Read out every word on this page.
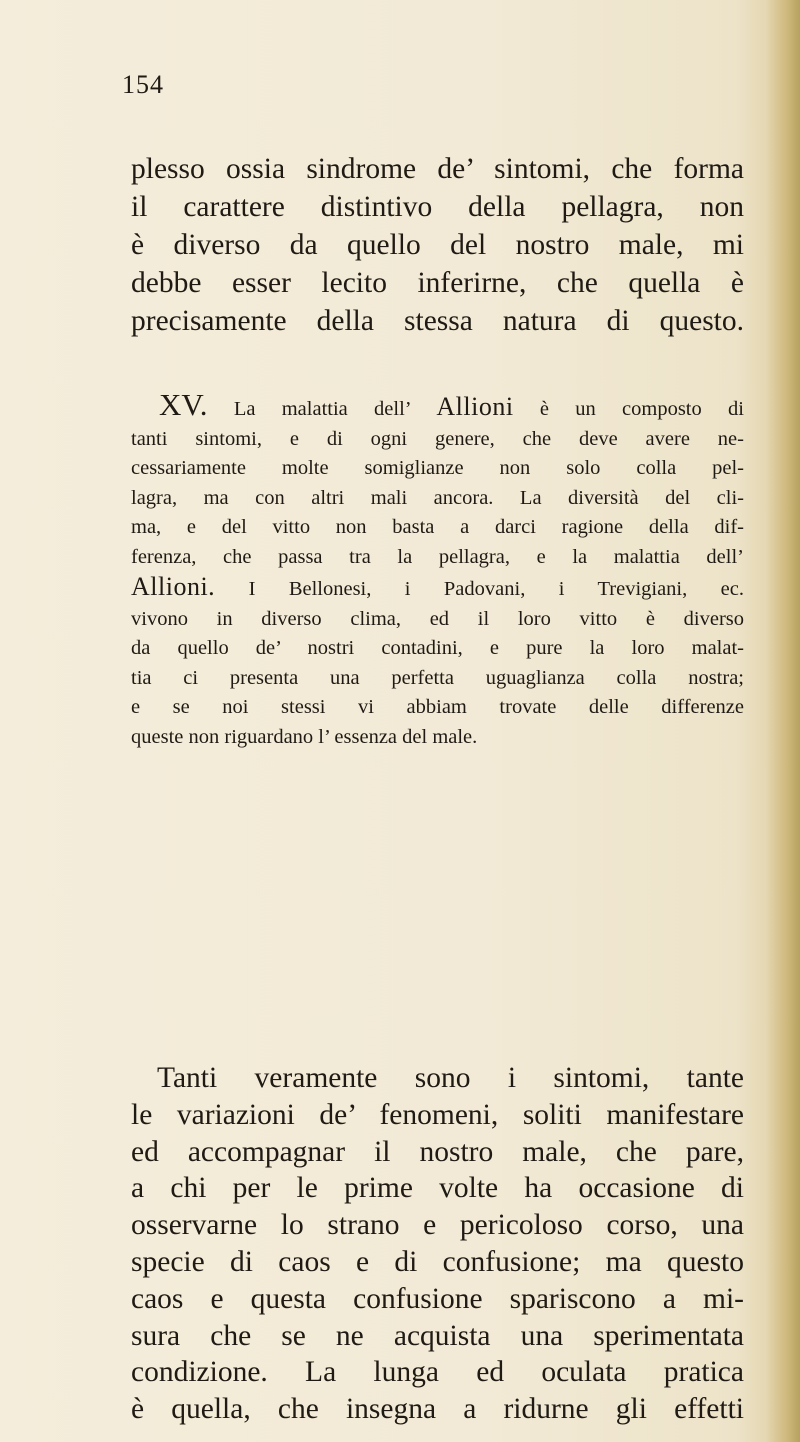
154
plesso ossia sindrome de’ sintomi, che forma
il carattere distintivo della pellagra, non
è diverso da quello del nostro male, mi
debbe esser lecito inferirne, che quella è
precisamente della stessa natura di questo.
XV. La malattia dell’ Allioni è un composto di
tanti sintomi, e di ogni genere, che deve avere ne-
cessariamente molte somiglianze non solo colla pel-
lagra, ma con altri mali ancora. La diversità del cli-
ma, e del vitto non basta a darci ragione della dif-
ferenza, che passa tra la pellagra, e la malattia dell’
Allioni. I Bellonesi, i Padovani, i Trevigiani, ec.
vivono in diverso clima, ed il loro vitto è diverso
da quello de’ nostri contadini, e pure la loro malat-
tia ci presenta una perfetta uguaglianza colla nostra;
e se noi stessi vi abbiam trovate delle differenze
queste non riguardano l’ essenza del male.
Tanti veramente sono i sintomi, tante
le variazioni de’ fenomeni, soliti manifestare
ed accompagnar il nostro male, che pare,
a chi per le prime volte ha occasione di
osservarne lo strano e pericoloso corso, una
specie di caos e di confusione; ma questo
caos e questa confusione spariscono a mi-
sura che se ne acquista una sperimentata
condizione. La lunga ed oculata pratica
è quella, che insegna a ridurne gli effetti
